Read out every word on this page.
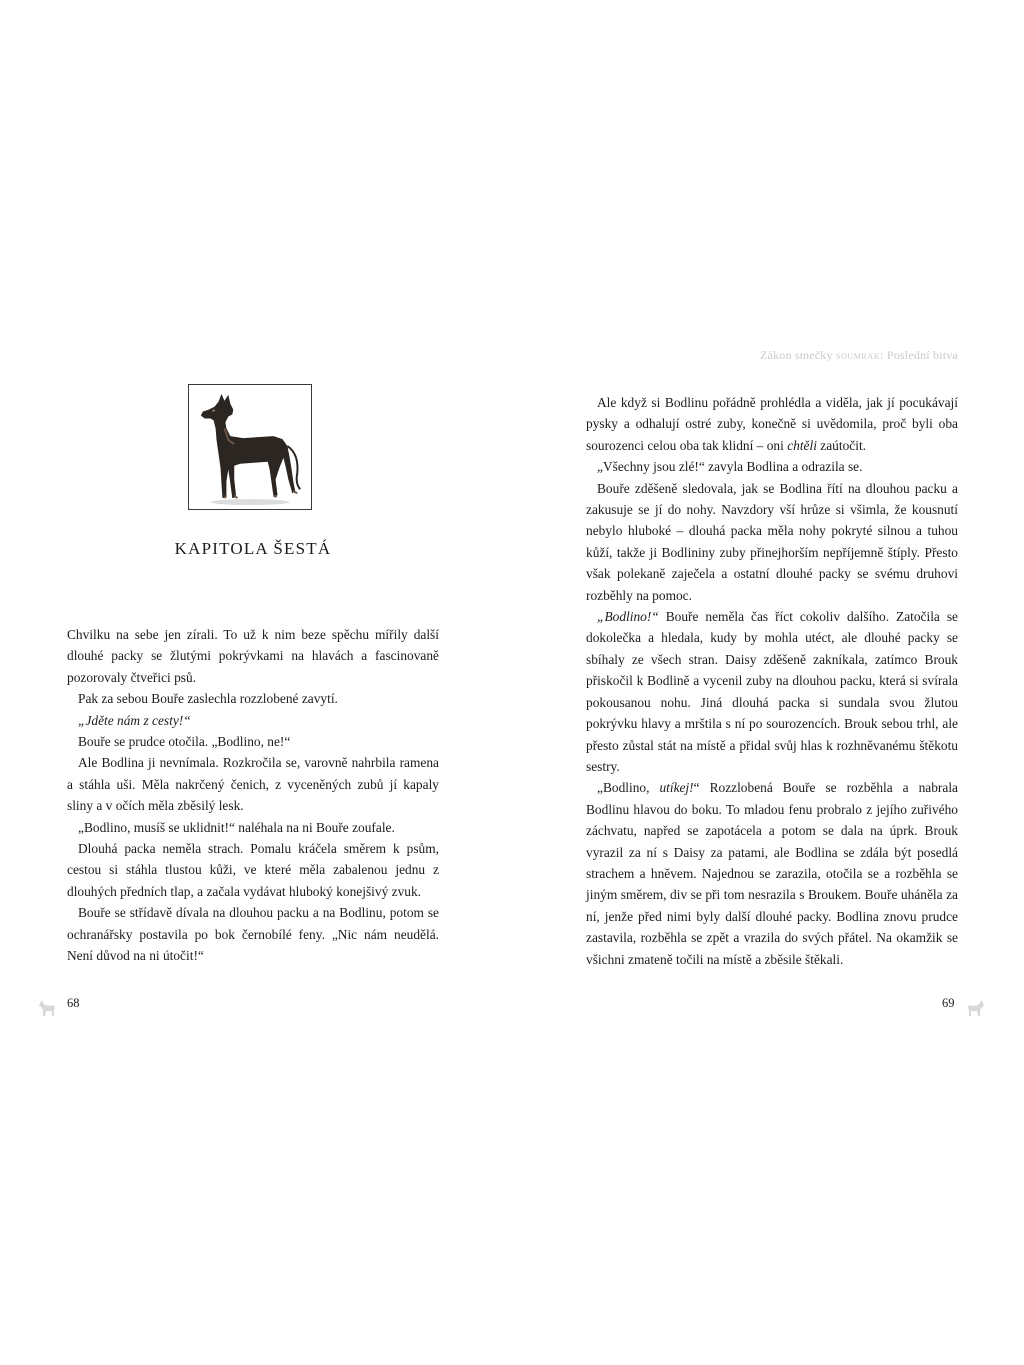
KAPITOLA ŠESTÁ

Chvilku na sebe jen zírali. To už k nim beze spěchu mířily další dlouhé packy se žlutými pokrývkami na hlavách a fascinovaně pozorovaly čtveřici psů.

Pak za sebou Bouře zaslechla rozzlobené zavytí.

„Jděte nám z cesty!“

Bouře se prudce otočila. „Bodlino, ne!“

Ale Bodlina ji nevnímala. Rozkročila se, varovně nahrbila ramena a stáhla uši. Měla nakrčený čenich, z vyceněných zubů jí kapaly sliny a v očích měla zběsilý lesk.

„Bodlino, musíš se uklidnit!“ naléhala na ni Bouře zoufale.

Dlouhá packa neměla strach. Pomalu kráčela směrem k psům, cestou si stáhla tlustou kůži, ve které měla zabalenou jednu z dlouhých předních tlap, a začala vydávat hluboký konejšivý zvuk.

Bouře se střídavě dívala na dlouhou packu a na Bodlinu, potom se ochranářsky postavila po bok černobílé feny. „Nic nám neudělá. Není důvod na ni útočit!“

68
Zákon smečky soumrak: Poslední bitva

Ale když si Bodlinu pořádně prohlédla a viděla, jak jí pocukávají pysky a odhalují ostré zuby, konečně si uvědomila, proč byli oba sourozenci celou oba tak klidní – oni chtěli zaútočit.

„Všechny jsou zlé!“ zavyla Bodlina a odrazila se.

Bouře zděšeně sledovala, jak se Bodlina řítí na dlouhou packu a zakusuje se jí do nohy. Navzdory vší hrůze si všimla, že kousnutí nebylo hluboké – dlouhá packa měla nohy pokryté silnou a tuhou kůží, takže ji Bodlininy zuby přinejhorším nepříjemně štíply. Přesto však polekaně zaječela a ostatní dlouhé packy se svému druhovi rozběhly na pomoc.

„Bodlino!“ Bouře neměla čas říct cokoliv dalšího. Zatočila se dokolečka a hledala, kudy by mohla utéct, ale dlouhé packy se sbíhaly ze všech stran. Daisy zděšeně zakníkala, zatímco Brouk přiskočil k Bodlině a vycenil zuby na dlouhou packu, která si svírala pokousanou nohu. Jiná dlouhá packa si sundala svou žlutou pokrývku hlavy a mrštila s ní po sourozencích. Brouk sebou trhl, ale přesto zůstal stát na místě a přidal svůj hlas k rozhněvanému štěkotu sestry.

„Bodlino, utíkej!“ Rozzlobená Bouře se rozběhla a nabrala Bodlinu hlavou do boku. To mladou fenu probralo z jejího zuřivého záchvatu, napřed se zapotácela a potom se dala na úprk. Brouk vyrazil za ní s Daisy za patami, ale Bodlina se zdála být posedlá strachem a hněvem. Najednou se zarazila, otočila se a rozběhla se jiným směrem, div se při tom nesrazila s Broukem. Bouře uháněla za ní, jenže před nimi byly další dlouhé packy. Bodlina znovu prudce zastavila, rozběhla se zpět a vrazila do svých přátel. Na okamžik se všichni zmateně točili na místě a zběsile štěkali.

69
